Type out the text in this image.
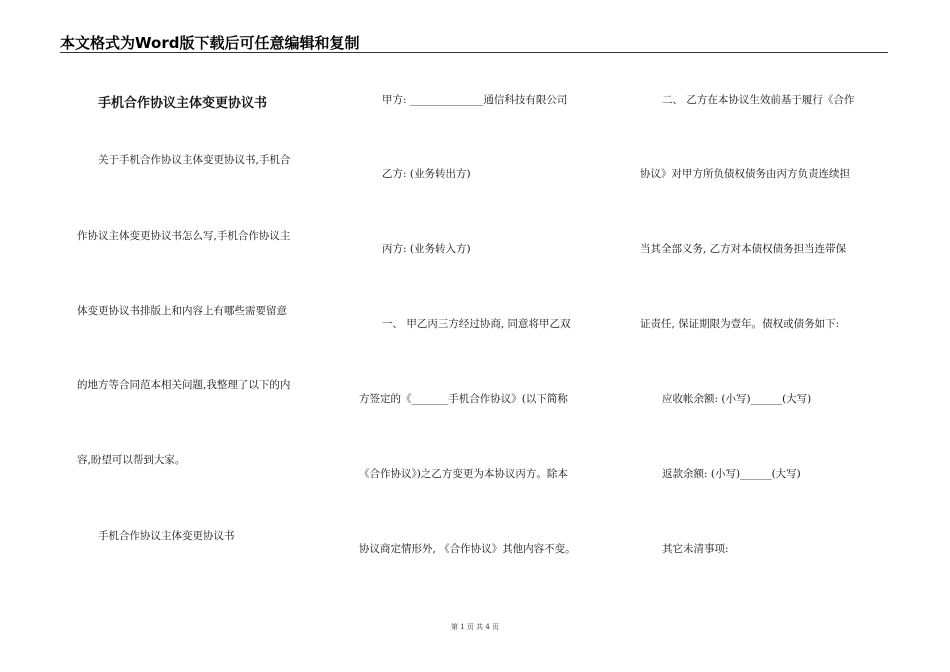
本文格式为Word版下载后可任意编辑和复制
手机合作协议主体变更协议书
关于手机合作协议主体变更协议书,手机合
作协议主体变更协议书怎么写,手机合作协议主
体变更协议书排版上和内容上有哪些需要留意
的地方等合同范本相关问题,我整理了以下的内
容,盼望可以帮到大家。
手机合作协议主体变更协议书
甲方: ______________通信科技有限公司
乙方: (业务转出方)
丙方: (业务转入方)
一、 甲乙丙三方经过协商, 同意将甲乙双
方签定的《_______手机合作协议》(以下简称
《合作协议》)之乙方变更为本协议丙方。除本
协议商定情形外, 《合作协议》其他内容不变。
二、 乙方在本协议生效前基于履行《合作
协议》对甲方所负债权债务由丙方负责连续担
当其全部义务, 乙方对本债权债务担当连带保
证责任, 保证期限为壹年。债权或债务如下:
应收帐余额: (小写)______(大写)
返款余额: (小写)______(大写)
其它未清事项:
第 1 页 共 4 页
